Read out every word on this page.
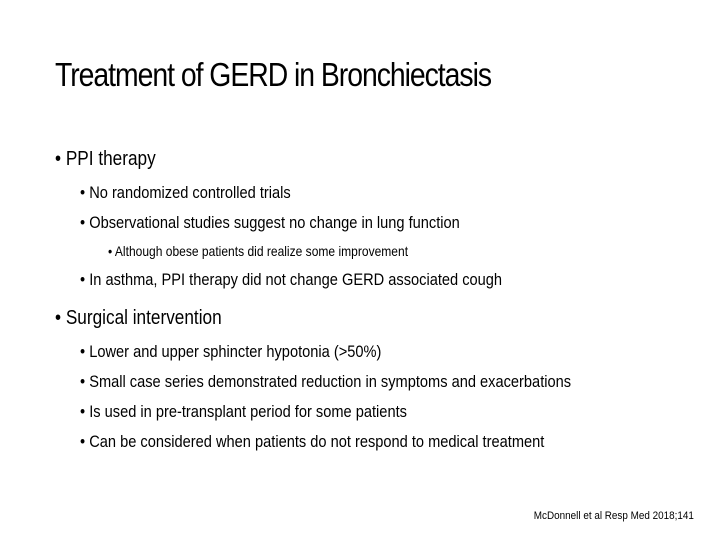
Treatment of GERD in Bronchiectasis
• PPI therapy
• No randomized controlled trials
• Observational studies suggest no change in lung function
• Although obese patients did realize some improvement
• In asthma, PPI therapy did not change GERD associated cough
• Surgical intervention
• Lower and upper sphincter hypotonia (>50%)
• Small case series demonstrated reduction in symptoms and exacerbations
• Is used in pre-transplant period for some patients
• Can be considered when patients do not respond to medical treatment
McDonnell et al Resp Med 2018;141
